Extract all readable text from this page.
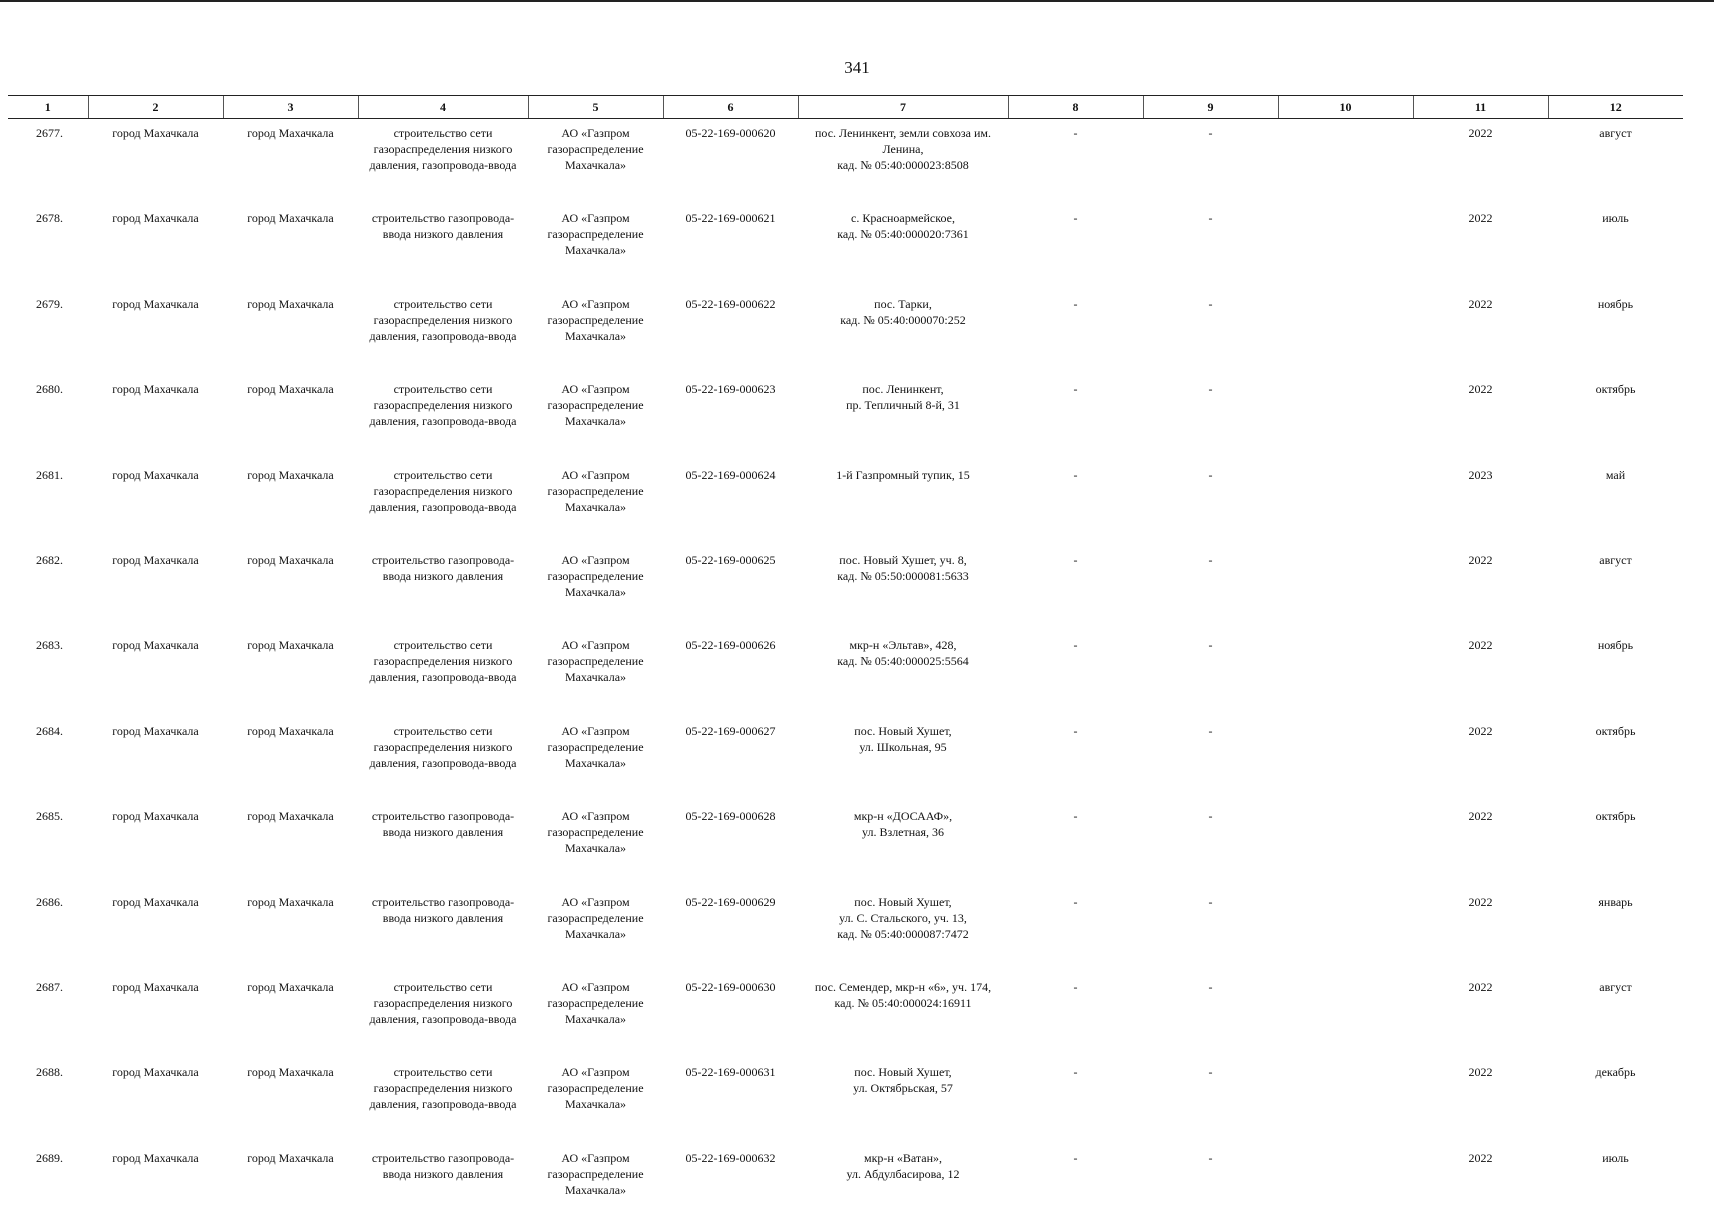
341
1	2	3	4	5	6	7	8	9	10	11	12
2677.	город Махачкала	город Махачкала	строительство сети
газораспределения низкого
давления, газопровода-ввода	АО «Газпром
газораспределение
Махачкала»	05-22-169-000620	пос. Ленинкент, земли совхоза им.
Ленина,
кад. № 05:40:000023:8508	-	-		2022	август
2678.	город Махачкала	город Махачкала	строительство газопровода-
ввода низкого давления	АО «Газпром
газораспределение
Махачкала»	05-22-169-000621	с. Красноармейское,
кад. № 05:40:000020:7361	-	-		2022	июль
2679.	город Махачкала	город Махачкала	строительство сети
газораспределения низкого
давления, газопровода-ввода	АО «Газпром
газораспределение
Махачкала»	05-22-169-000622	пос. Тарки,
кад. № 05:40:000070:252	-	-		2022	ноябрь
2680.	город Махачкала	город Махачкала	строительство сети
газораспределения низкого
давления, газопровода-ввода	АО «Газпром
газораспределение
Махачкала»	05-22-169-000623	пос. Ленинкент,
пр. Тепличный 8-й, 31	-	-		2022	октябрь
2681.	город Махачкала	город Махачкала	строительство сети
газораспределения низкого
давления, газопровода-ввода	АО «Газпром
газораспределение
Махачкала»	05-22-169-000624	1-й Газпромный тупик, 15	-	-		2023	май
2682.	город Махачкала	город Махачкала	строительство газопровода-
ввода низкого давления	АО «Газпром
газораспределение
Махачкала»	05-22-169-000625	пос. Новый Хушет, уч. 8,
кад. № 05:50:000081:5633	-	-		2022	август
2683.	город Махачкала	город Махачкала	строительство сети
газораспределения низкого
давления, газопровода-ввода	АО «Газпром
газораспределение
Махачкала»	05-22-169-000626	мкр-н «Эльтав», 428,
кад. № 05:40:000025:5564	-	-		2022	ноябрь
2684.	город Махачкала	город Махачкала	строительство сети
газораспределения низкого
давления, газопровода-ввода	АО «Газпром
газораспределение
Махачкала»	05-22-169-000627	пос. Новый Хушет,
ул. Школьная, 95	-	-		2022	октябрь
2685.	город Махачкала	город Махачкала	строительство газопровода-
ввода низкого давления	АО «Газпром
газораспределение
Махачкала»	05-22-169-000628	мкр-н «ДОСААФ»,
ул. Взлетная, 36	-	-		2022	октябрь
2686.	город Махачкала	город Махачкала	строительство газопровода-
ввода низкого давления	АО «Газпром
газораспределение
Махачкала»	05-22-169-000629	пос. Новый Хушет,
ул. С. Стальского, уч. 13,
кад. № 05:40:000087:7472	-	-		2022	январь
2687.	город Махачкала	город Махачкала	строительство сети
газораспределения низкого
давления, газопровода-ввода	АО «Газпром
газораспределение
Махачкала»	05-22-169-000630	пос. Семендер, мкр-н «6», уч. 174,
кад. № 05:40:000024:16911	-	-		2022	август
2688.	город Махачкала	город Махачкала	строительство сети
газораспределения низкого
давления, газопровода-ввода	АО «Газпром
газораспределение
Махачкала»	05-22-169-000631	пос. Новый Хушет,
ул. Октябрьская, 57	-	-		2022	декабрь
2689.	город Махачкала	город Махачкала	строительство газопровода-
ввода низкого давления	АО «Газпром
газораспределение
Махачкала»	05-22-169-000632	мкр-н «Ватан»,
ул. Абдулбасирова, 12	-	-		2022	июль
